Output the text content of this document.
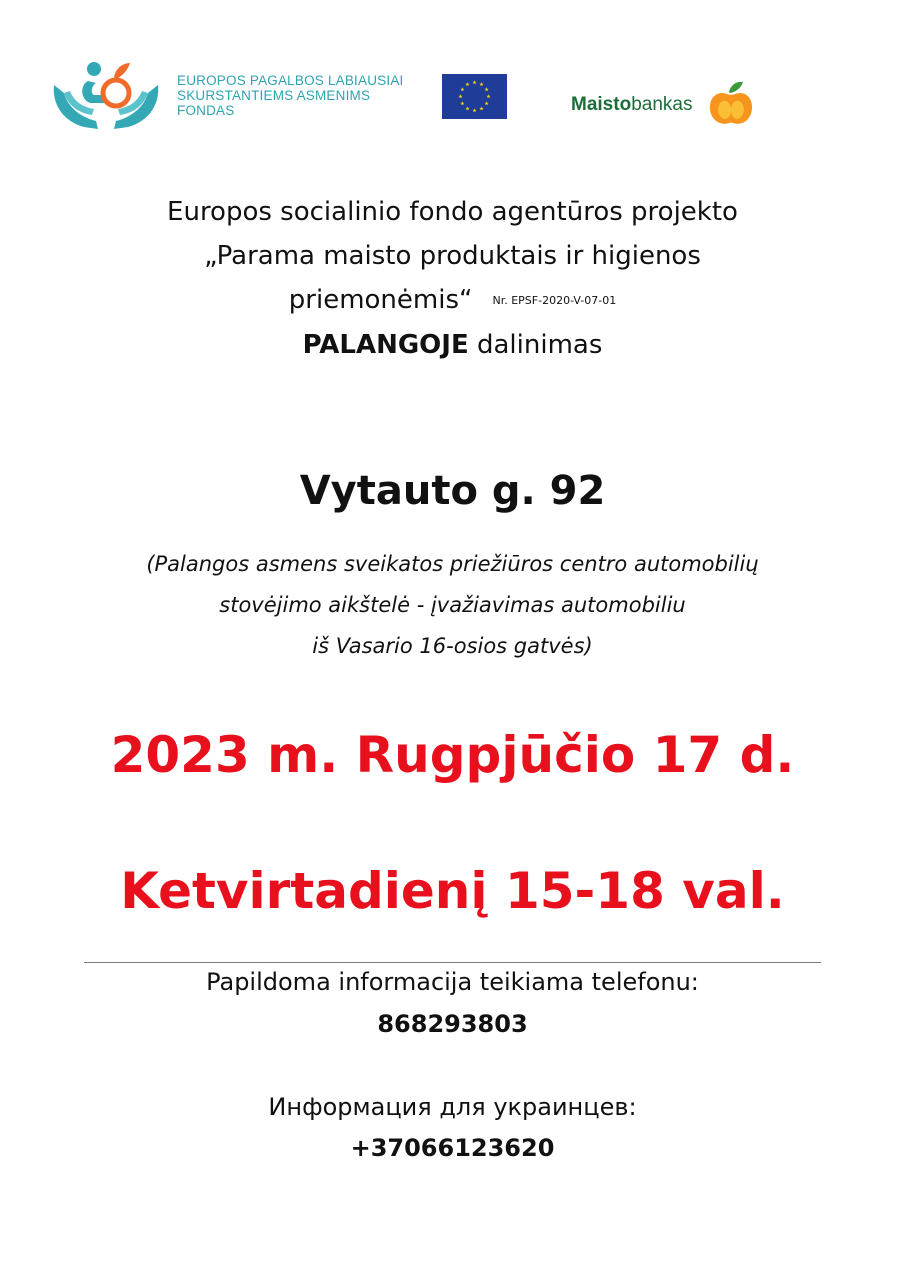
EUROPOS PAGALBOS LABIAUSIAI
SKURSTANTIEMS ASMENIMS
FONDAS	Maistobankas
Europos socialinio fondo agentūros projekto
„Parama maisto produktais ir higienos
priemonėmis“ Nr. EPSF-2020-V-07-01
PALANGOJE dalinimas
Vytauto g. 92
(Palangos asmens sveikatos priežiūros centro automobilių
stovėjimo aikštelė - įvažiavimas automobiliu
iš Vasario 16-osios gatvės)
2023 m. Rugpjūčio 17 d.
Ketvirtadienį 15-18 val.
Papildoma informacija teikiama telefonu:
868293803
Информация для украинцев:
+37066123620
